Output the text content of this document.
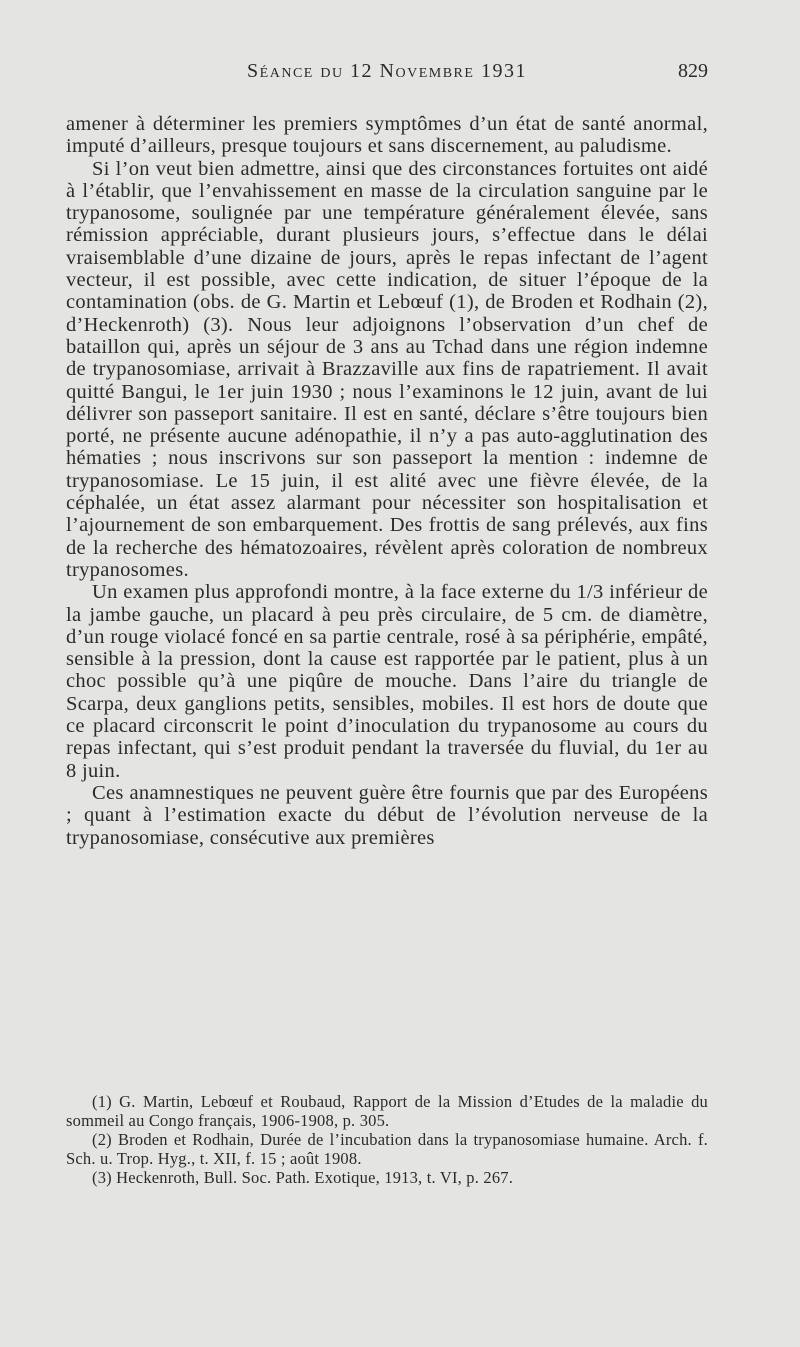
Séance du 12 Novembre 1931	829

amener à déterminer les premiers symptômes d’un état de santé anormal, imputé d’ailleurs, presque toujours et sans discernement, au paludisme.

Si l’on veut bien admettre, ainsi que des circonstances fortuites ont aidé à l’établir, que l’envahissement en masse de la circulation sanguine par le trypanosome, soulignée par une température généralement élevée, sans rémission appréciable, durant plusieurs jours, s’effectue dans le délai vraisemblable d’une dizaine de jours, après le repas infectant de l’agent vecteur, il est possible, avec cette indication, de situer l’époque de la contamination (obs. de G. Martin et Lebœuf (1), de Broden et Rodhain (2), d’Heckenroth) (3). Nous leur adjoignons l’observation d’un chef de bataillon qui, après un séjour de 3 ans au Tchad dans une région indemne de trypanosomiase, arrivait à Brazzaville aux fins de rapatriement. Il avait quitté Bangui, le 1er juin 1930 ; nous l’examinons le 12 juin, avant de lui délivrer son passeport sanitaire. Il est en santé, déclare s’être toujours bien porté, ne présente aucune adénopathie, il n’y a pas auto-agglutination des hématies ; nous inscrivons sur son passeport la mention : indemne de trypanosomiase. Le 15 juin, il est alité avec une fièvre élevée, de la céphalée, un état assez alarmant pour nécessiter son hospitalisation et l’ajournement de son embarquement. Des frottis de sang prélevés, aux fins de la recherche des hématozoaires, révèlent après coloration de nombreux trypanosomes.

Un examen plus approfondi montre, à la face externe du 1/3 inférieur de la jambe gauche, un placard à peu près circulaire, de 5 cm. de diamètre, d’un rouge violacé foncé en sa partie centrale, rosé à sa périphérie, empâté, sensible à la pression, dont la cause est rapportée par le patient, plus à un choc possible qu’à une piqûre de mouche. Dans l’aire du triangle de Scarpa, deux ganglions petits, sensibles, mobiles. Il est hors de doute que ce placard circonscrit le point d’inoculation du trypanosome au cours du repas infectant, qui s’est produit pendant la traversée du fluvial, du 1er au 8 juin.

Ces anamnestiques ne peuvent guère être fournis que par des Européens ; quant à l’estimation exacte du début de l’évolution nerveuse de la trypanosomiase, consécutive aux premières

(1) G. Martin, Lebœuf et Roubaud, Rapport de la Mission d’Etudes de la maladie du sommeil au Congo français, 1906-1908, p. 305.

(2) Broden et Rodhain, Durée de l’incubation dans la trypanosomiase humaine. Arch. f. Sch. u. Trop. Hyg., t. XII, f. 15 ; août 1908.

(3) Heckenroth, Bull. Soc. Path. Exotique, 1913, t. VI, p. 267.
